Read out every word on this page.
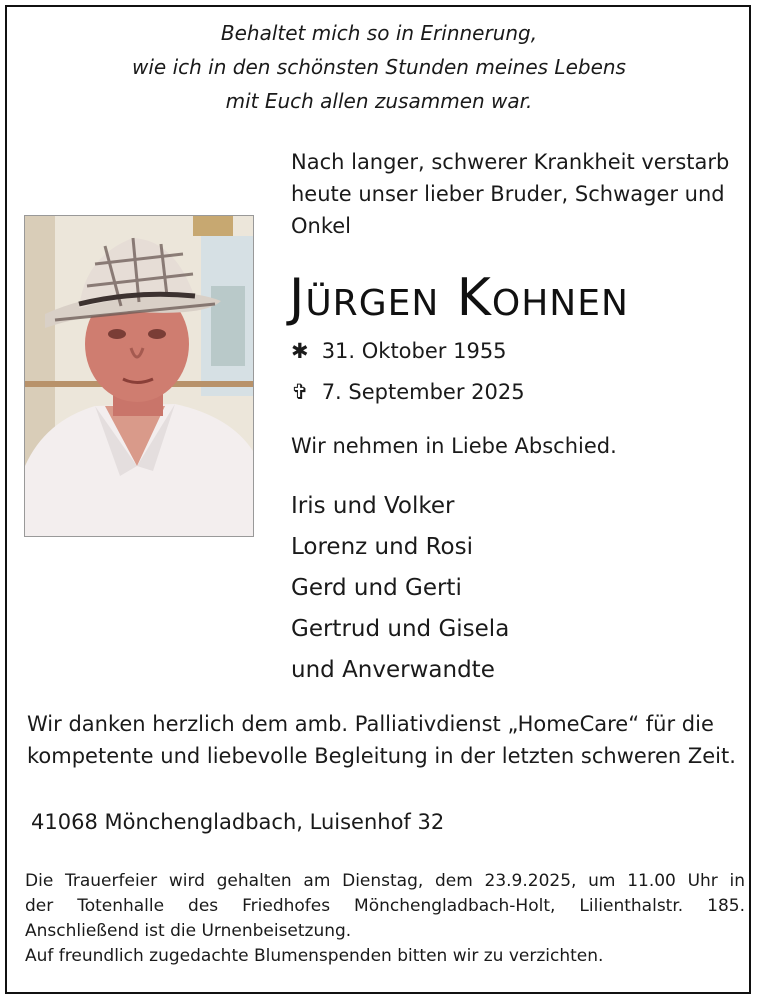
Behaltet mich so in Erinnerung,
wie ich in den schönsten Stunden meines Lebens
mit Euch allen zusammen war.
Nach langer, schwerer Krankheit verstarb
heute unser lieber Bruder, Schwager und
Onkel
Jürgen Kohnen
✱ 31. Oktober 1955
✞ 7. September 2025
Wir nehmen in Liebe Abschied.
Iris und Volker
Lorenz und Rosi
Gerd und Gerti
Gertrud und Gisela
und Anverwandte
Wir danken herzlich dem amb. Palliativdienst „HomeCare“ für die
kompetente und liebevolle Begleitung in der letzten schweren Zeit.
41068 Mönchengladbach, Luisenhof 32
Die Trauerfeier wird gehalten am Dienstag, dem 23.9.2025, um 11.00 Uhr in
der Totenhalle des Friedhofes Mönchengladbach-Holt, Lilienthalstr. 185.
Anschließend ist die Urnenbeisetzung.
Auf freundlich zugedachte Blumenspenden bitten wir zu verzichten.
